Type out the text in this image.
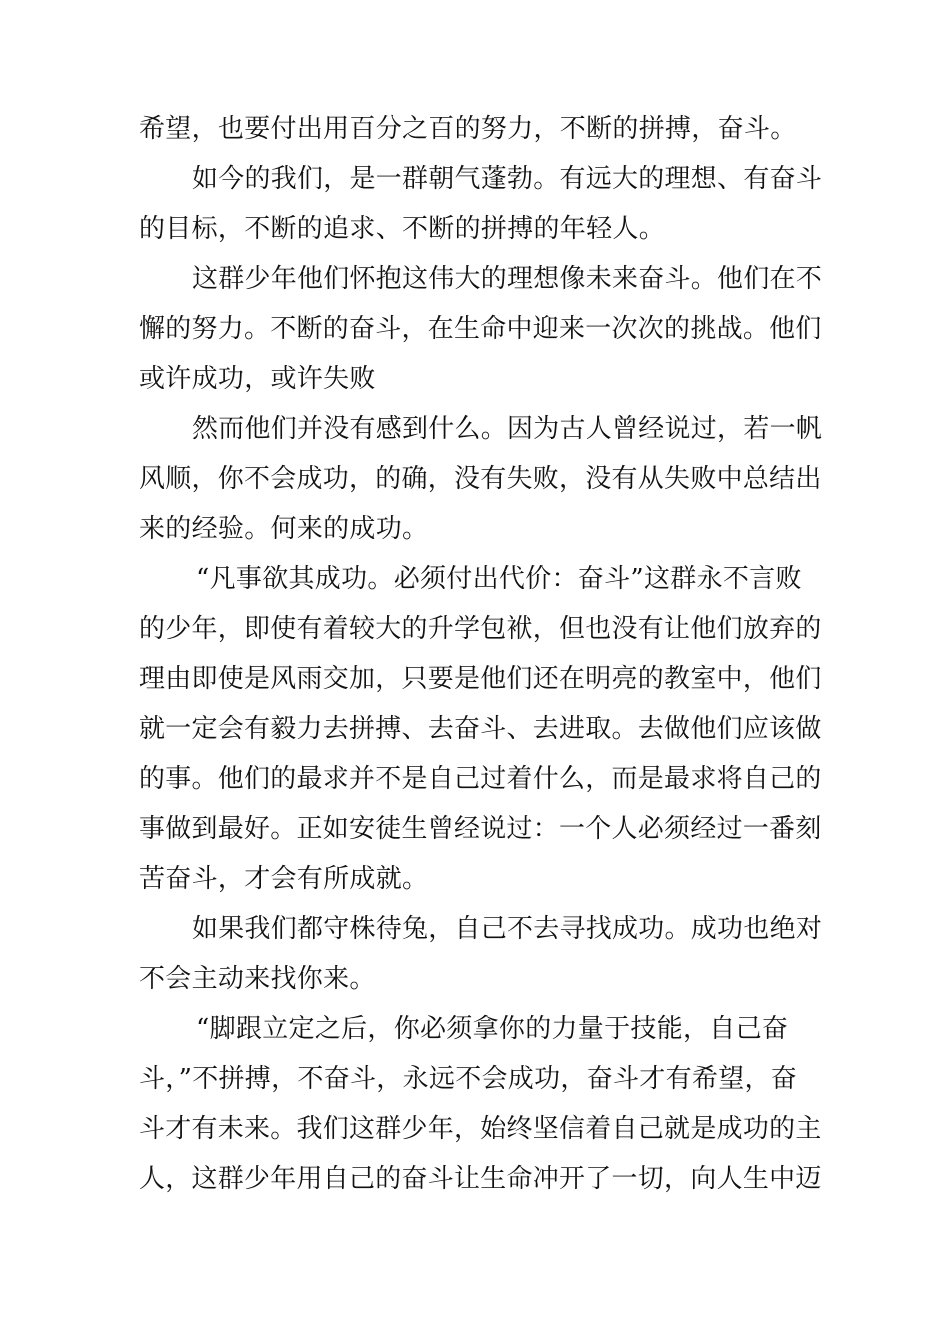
希望，也要付出用百分之百的努力，不断的拼搏，奋斗。
如今的我们，是一群朝气蓬勃。有远大的理想、有奋斗
的目标，不断的追求、不断的拼搏的年轻人。
这群少年他们怀抱这伟大的理想像未来奋斗。他们在不
懈的努力。不断的奋斗，在生命中迎来一次次的挑战。他们
或许成功，或许失败
然而他们并没有感到什么。因为古人曾经说过，若一帆
风顺，你不会成功，的确，没有失败，没有从失败中总结出
来的经验。何来的成功。
“凡事欲其成功。必须付出代价：奋斗”这群永不言败
的少年，即使有着较大的升学包袱，但也没有让他们放弃的
理由即使是风雨交加，只要是他们还在明亮的教室中，他们
就一定会有毅力去拼搏、去奋斗、去进取。去做他们应该做
的事。他们的最求并不是自己过着什么，而是最求将自己的
事做到最好。正如安徒生曾经说过：一个人必须经过一番刻
苦奋斗，才会有所成就。
如果我们都守株待兔，自己不去寻找成功。成功也绝对
不会主动来找你来。
“脚跟立定之后，你必须拿你的力量于技能，自己奋
斗，”不拼搏，不奋斗，永远不会成功，奋斗才有希望，奋
斗才有未来。我们这群少年，始终坚信着自己就是成功的主
人，这群少年用自己的奋斗让生命冲开了一切，向人生中迈
